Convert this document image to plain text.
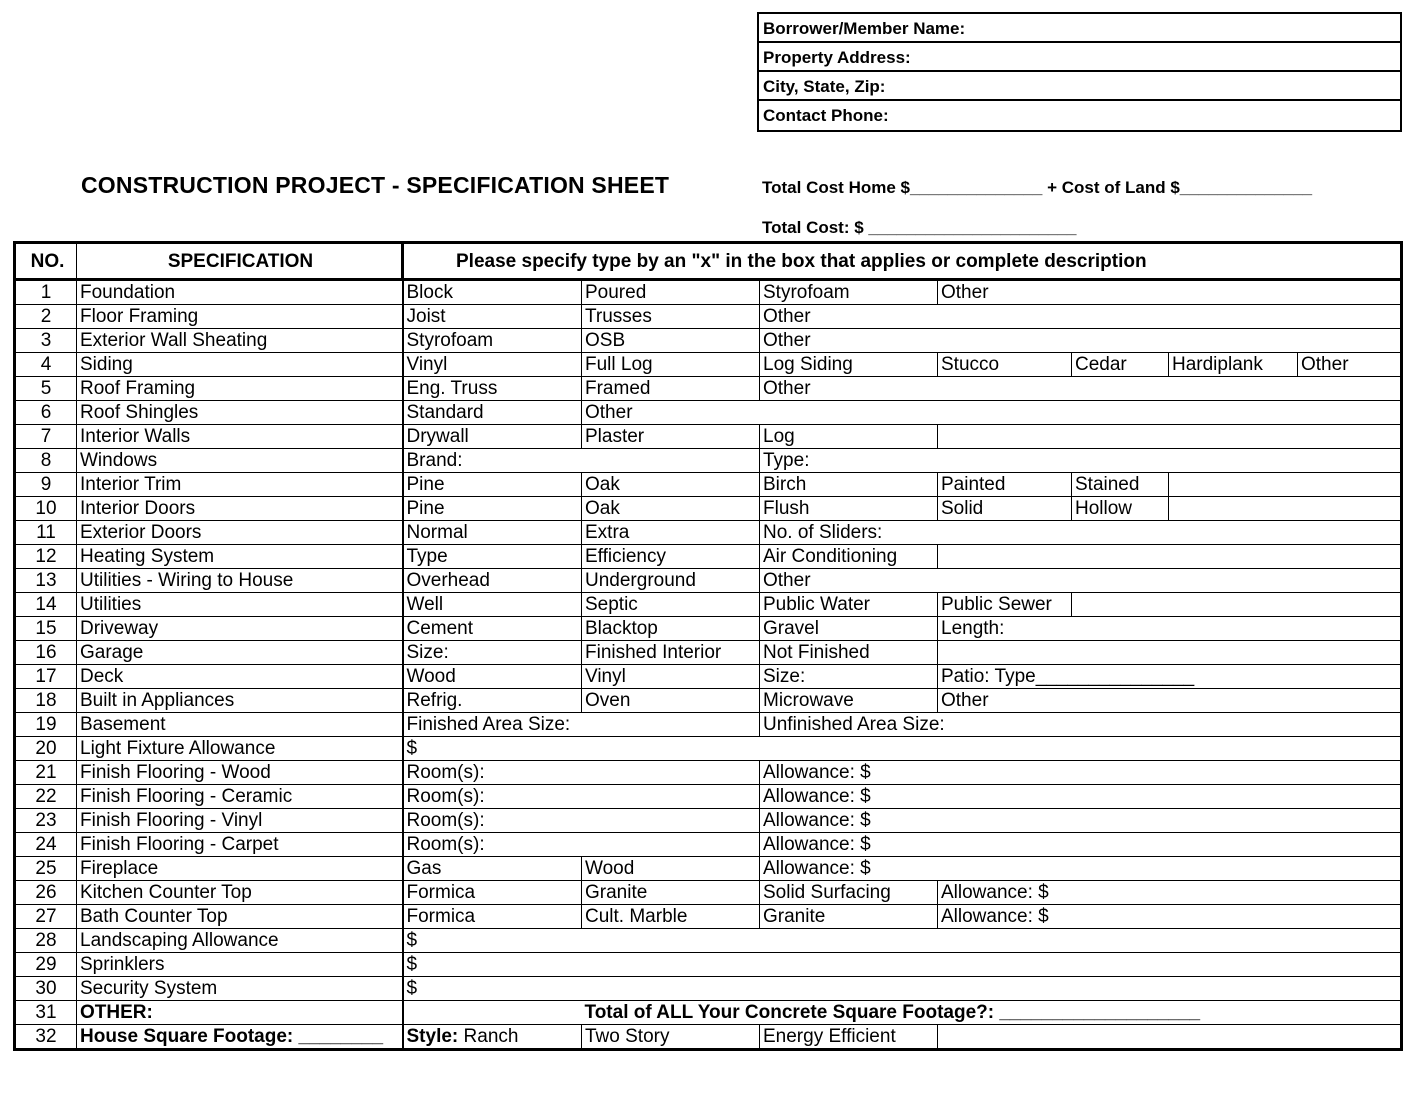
Borrower/Member Name:
Property Address:
City, State, Zip:
Contact Phone:
CONSTRUCTION PROJECT - SPECIFICATION SHEET	Total Cost Home $______________ + Cost of Land $______________
Total Cost: $ ______________________
NO.	SPECIFICATION	Please specify type by an "x" in the box that applies or complete description							
1	Foundation	Block	Poured	Styrofoam	Other				
2	Floor Framing	Joist	Trusses	Other					
3	Exterior Wall Sheating	Styrofoam	OSB	Other					
4	Siding	Vinyl	Full Log	Log Siding	Stucco	Cedar	Hardiplank	Other	
5	Roof Framing	Eng. Truss	Framed	Other					
6	Roof Shingles	Standard	Other						
7	Interior Walls	Drywall	Plaster	Log					
8	Windows	Brand:		Type:					
9	Interior Trim	Pine	Oak	Birch	Painted	Stained			
10	Interior Doors	Pine	Oak	Flush	Solid	Hollow			
11	Exterior Doors	Normal	Extra	No. of Sliders:					
12	Heating System	Type	Efficiency	Air Conditioning					
13	Utilities - Wiring to House	Overhead	Underground	Other					
14	Utilities	Well	Septic	Public Water	Public Sewer				
15	Driveway	Cement	Blacktop	Gravel	Length:				
16	Garage	Size:	Finished Interior	Not Finished					
17	Deck	Wood	Vinyl	Size:	Patio: Type_______________				
18	Built in Appliances	Refrig.	Oven	Microwave	Other				
19	Basement	Finished Area Size:		Unfinished Area Size:					
20	Light Fixture Allowance	$							
21	Finish Flooring - Wood	Room(s):		Allowance: $					
22	Finish Flooring - Ceramic	Room(s):		Allowance: $					
23	Finish Flooring - Vinyl	Room(s):		Allowance: $					
24	Finish Flooring - Carpet	Room(s):		Allowance: $					
25	Fireplace	Gas	Wood	Allowance: $					
26	Kitchen Counter Top	Formica	Granite	Solid Surfacing	Allowance: $				
27	Bath Counter Top	Formica	Cult. Marble	Granite	Allowance: $				
28	Landscaping Allowance	$							
29	Sprinklers	$							
30	Security System	$							
31	OTHER:		Total of ALL Your Concrete Square Footage?: ___________________						
32	House Square Footage: ________	Style: Ranch	Two Story	Energy Efficient					
